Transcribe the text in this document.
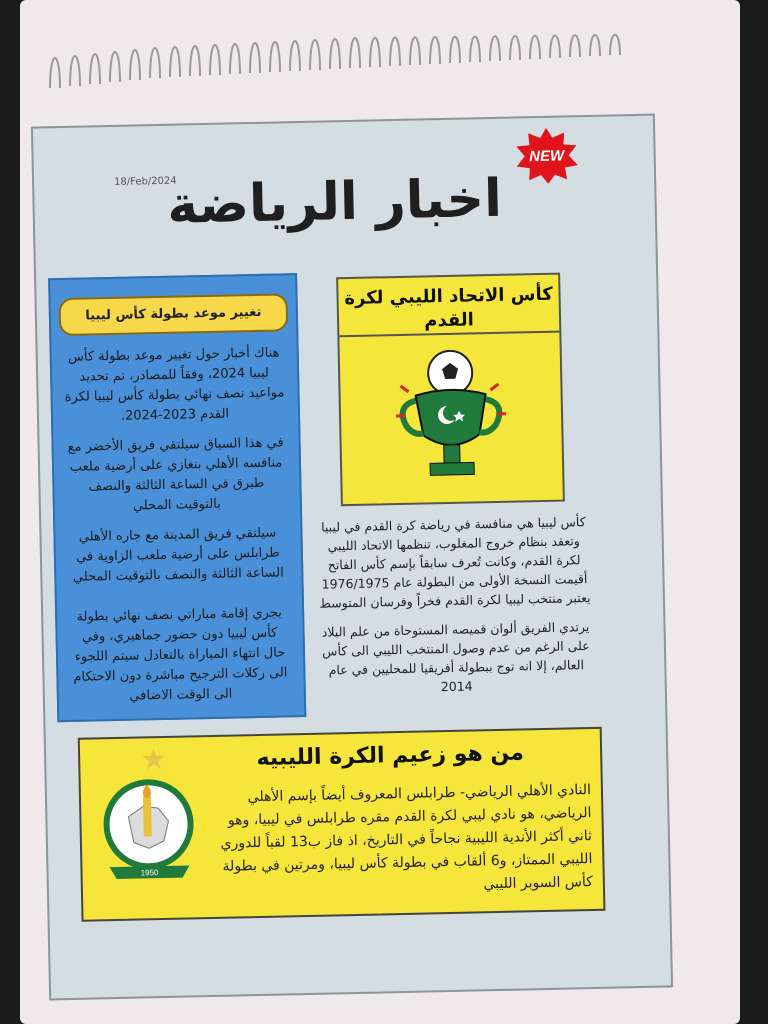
18/Feb/2024
اخبار الرياضة
NEW
تغيير موعد بطولة كأس ليبيا

هناك أخبار حول تغيير موعد بطولة كأس ليبيا 2024، وفقاً للمصادر، تم تحديد مواعيد نصف نهائي بطولة كأس ليبيا لكرة القدم 2023-2024.

في هذا السياق سيلتقي فريق الأخضر مع منافسه الأهلي بنغازي على أرضية ملعب طبرق في الساعة الثالثة والنصف بالتوقيت المحلي

سيلتقي فريق المدينة مع جاره الأهلي طرابلس على أرضية ملعب الزاوية في الساعة الثالثة والنصف بالتوقيت المحلي

يجري إقامة مباراتي نصف نهائي بطولة كأس ليبيا دون حضور جماهيري، وفي حال انتهاء المباراة بالتعادل سيتم اللجوء الى ركلات الترجيح مباشرة دون الاحتكام الى الوقت الاضافي

كأس الاتحاد الليبي لكرة القدم

كأس ليبيا هي منافسة في رياضة كرة القدم في ليبيا وتعقد بنظام خروج المغلوب، تنظمها الاتحاد الليبي لكرة القدم، وكانت تُعرف سابقاً بإسم كأس الفاتح أقيمت النسخة الأولى من البطولة عام 1976/1975 يعتبر منتخب ليبيا لكرة القدم فخراً وفرسان المتوسط

يرتدي الفريق ألوان قميصه المستوحاة من علم البلاد على الرغم من عدم وصول المنتخب الليبي الى كأس العالم، إلا انه توج ببطولة أفريقيا للمحليين في عام 2014

★
1950
من هو زعيم الكرة الليبيه
النادي الأهلي الرياضي- طرابلس المعروف أيضاً بإسم الأهلي الرياضي، هو نادي ليبي لكرة القدم مقره طرابلس في ليبيا، وهو ثاني أكثر الأندية الليبية نجاحاً في التاريخ، اذ فاز ب13 لقباً للدوري الليبي الممتاز، و6 ألقاب في بطولة كأس ليبيا، ومرتين في بطولة كأس السوبر الليبي
